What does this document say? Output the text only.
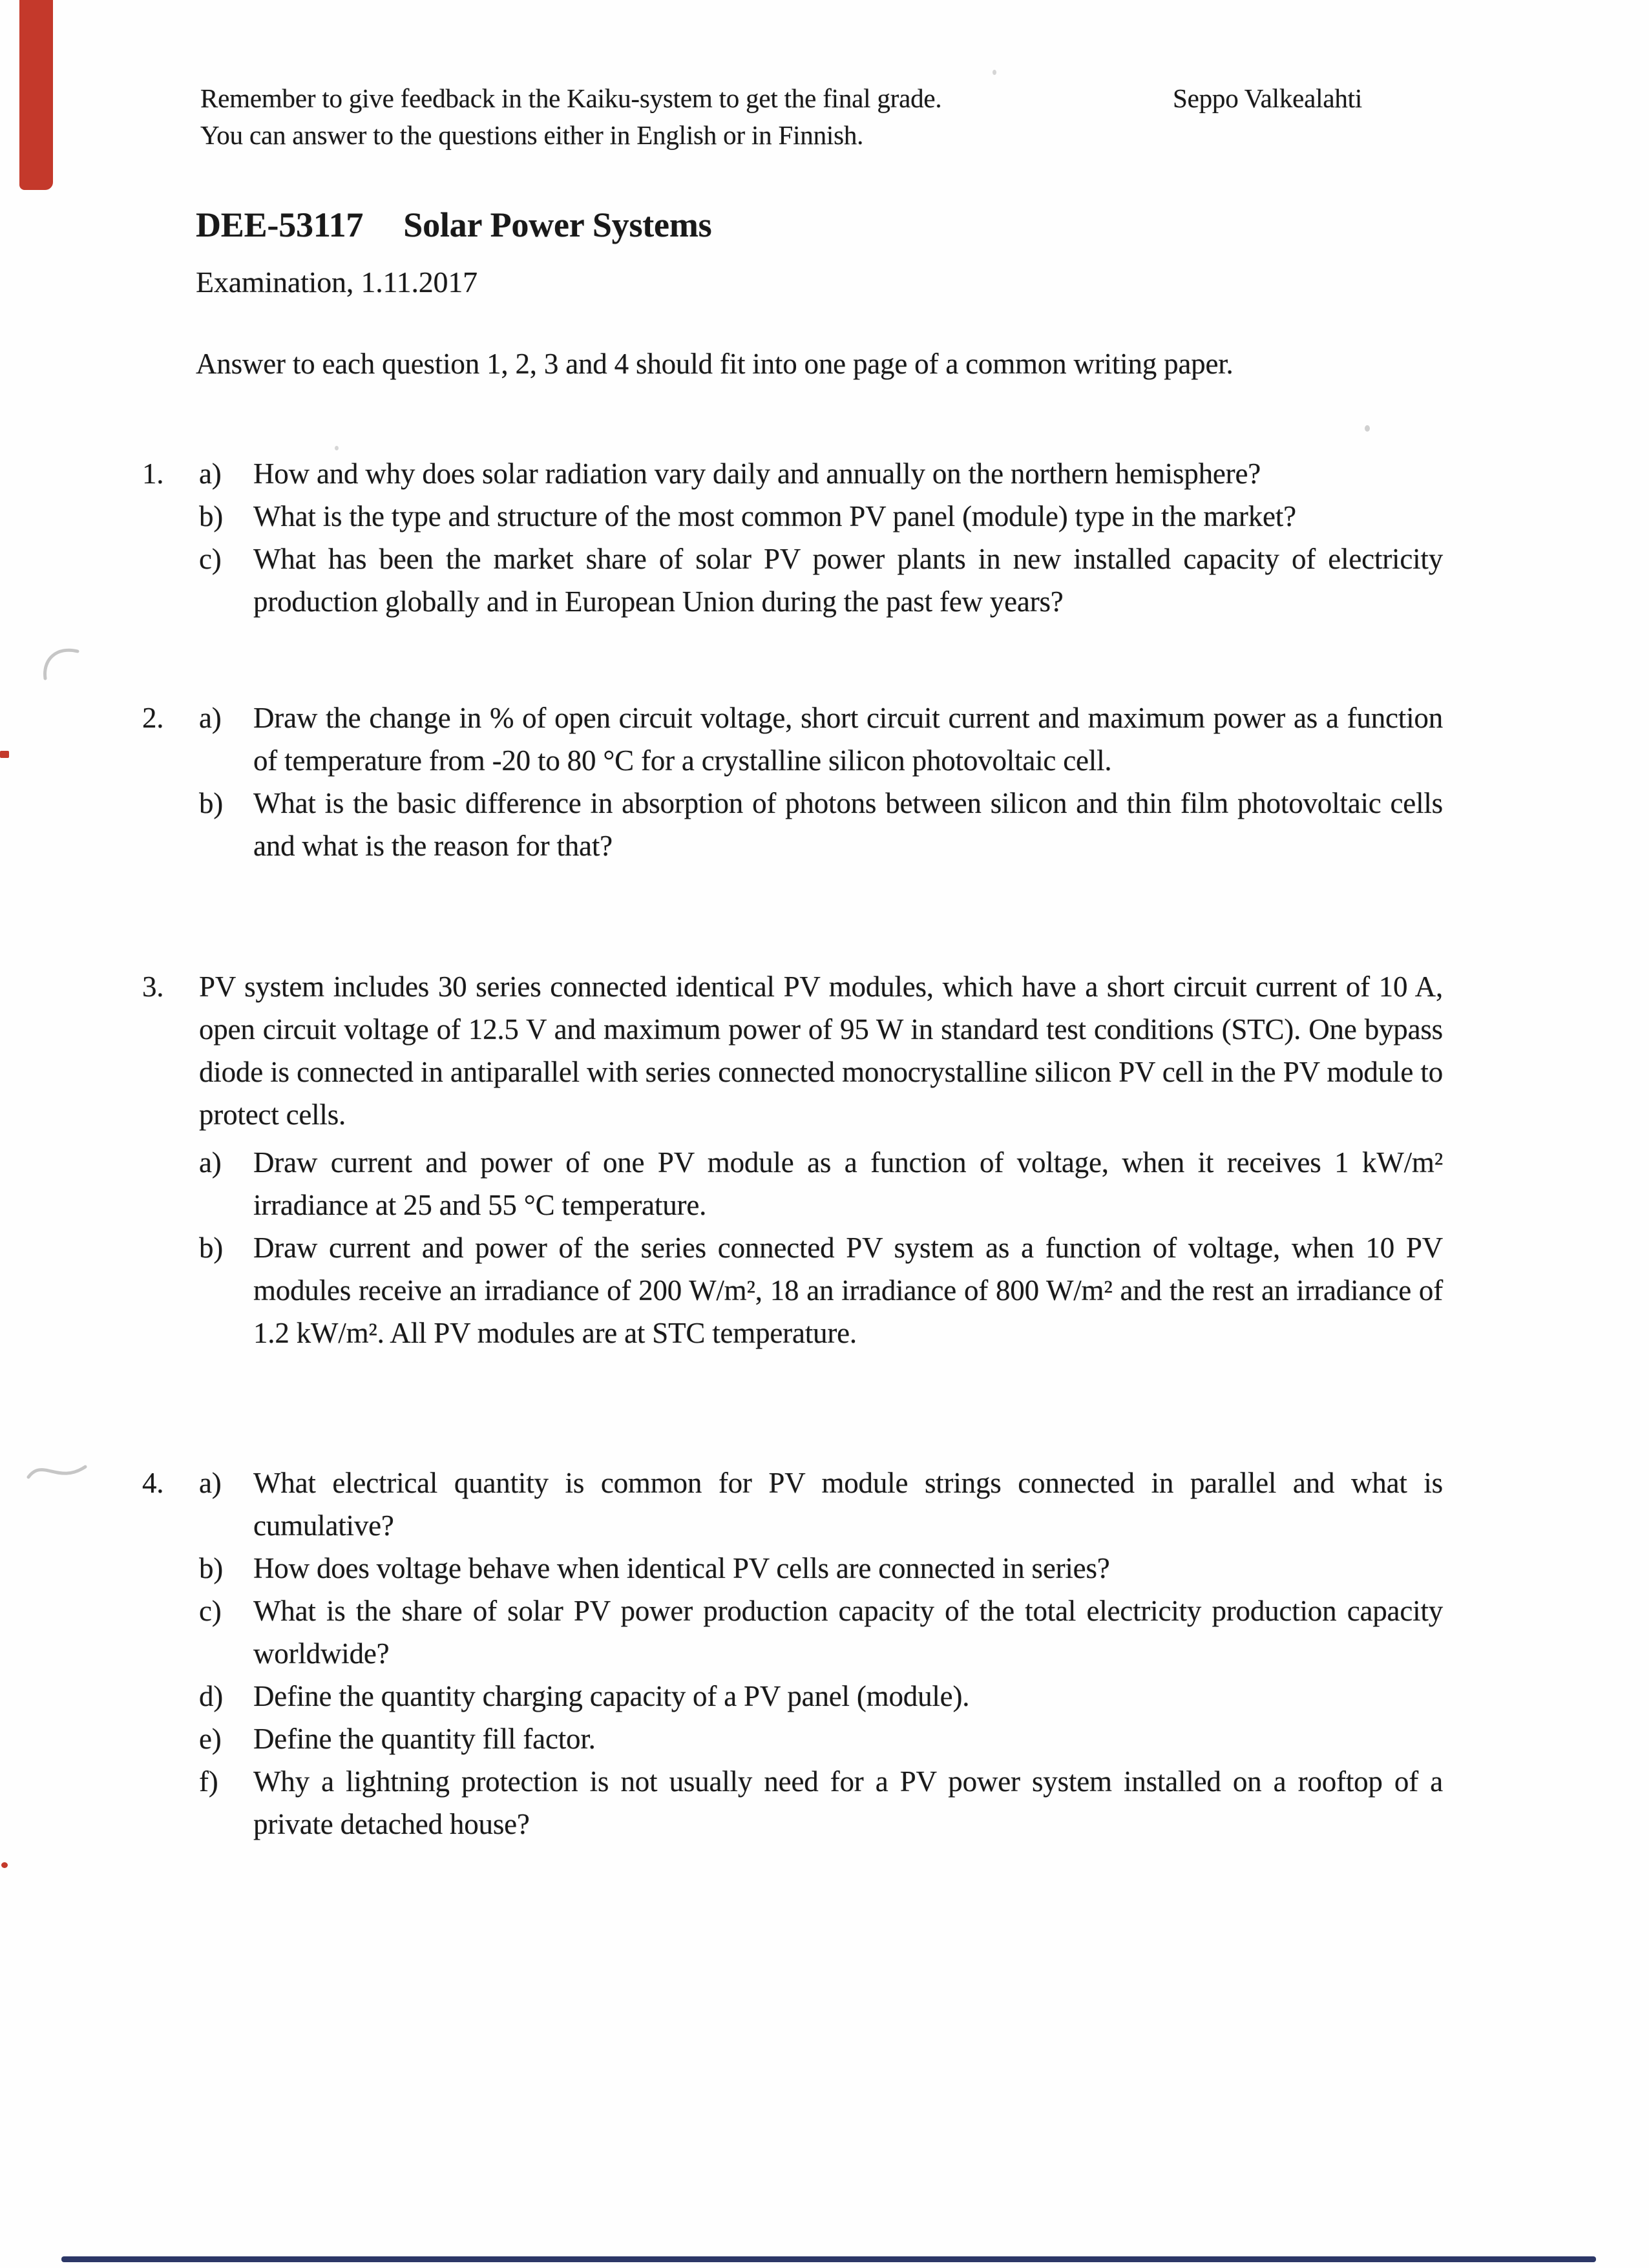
Remember to give feedback in the Kaiku-system to get the final grade.
You can answer to the questions either in English or in Finnish.
Seppo Valkealahti
DEE-53117 Solar Power Systems
Examination, 1.11.2017
Answer to each question 1, 2, 3 and 4 should fit into one page of a common writing paper.
1.	a)	How and why does solar radiation vary daily and annually on the northern hemisphere?
b)	What is the type and structure of the most common PV panel (module) type in the market?
c)	What has been the market share of solar PV power plants in new installed capacity of electricity production globally and in European Union during the past few years?
2.	a)	Draw the change in % of open circuit voltage, short circuit current and maximum power as a function of temperature from -20 to 80 °C for a crystalline silicon photovoltaic cell.
b)	What is the basic difference in absorption of photons between silicon and thin film photovoltaic cells and what is the reason for that?
3.	PV system includes 30 series connected identical PV modules, which have a short circuit current of 10 A, open circuit voltage of 12.5 V and maximum power of 95 W in standard test conditions (STC). One bypass diode is connected in antiparallel with series connected monocrystalline silicon PV cell in the PV module to protect cells.
a)	Draw current and power of one PV module as a function of voltage, when it receives 1 kW/m² irradiance at 25 and 55 °C temperature.
b)	Draw current and power of the series connected PV system as a function of voltage, when 10 PV modules receive an irradiance of 200 W/m², 18 an irradiance of 800 W/m² and the rest an irradiance of 1.2 kW/m². All PV modules are at STC temperature.
4.	a)	What electrical quantity is common for PV module strings connected in parallel and what is cumulative?
b)	How does voltage behave when identical PV cells are connected in series?
c)	What is the share of solar PV power production capacity of the total electricity production capacity worldwide?
d)	Define the quantity charging capacity of a PV panel (module).
e)	Define the quantity fill factor.
f)	Why a lightning protection is not usually need for a PV power system installed on a rooftop of a private detached house?
